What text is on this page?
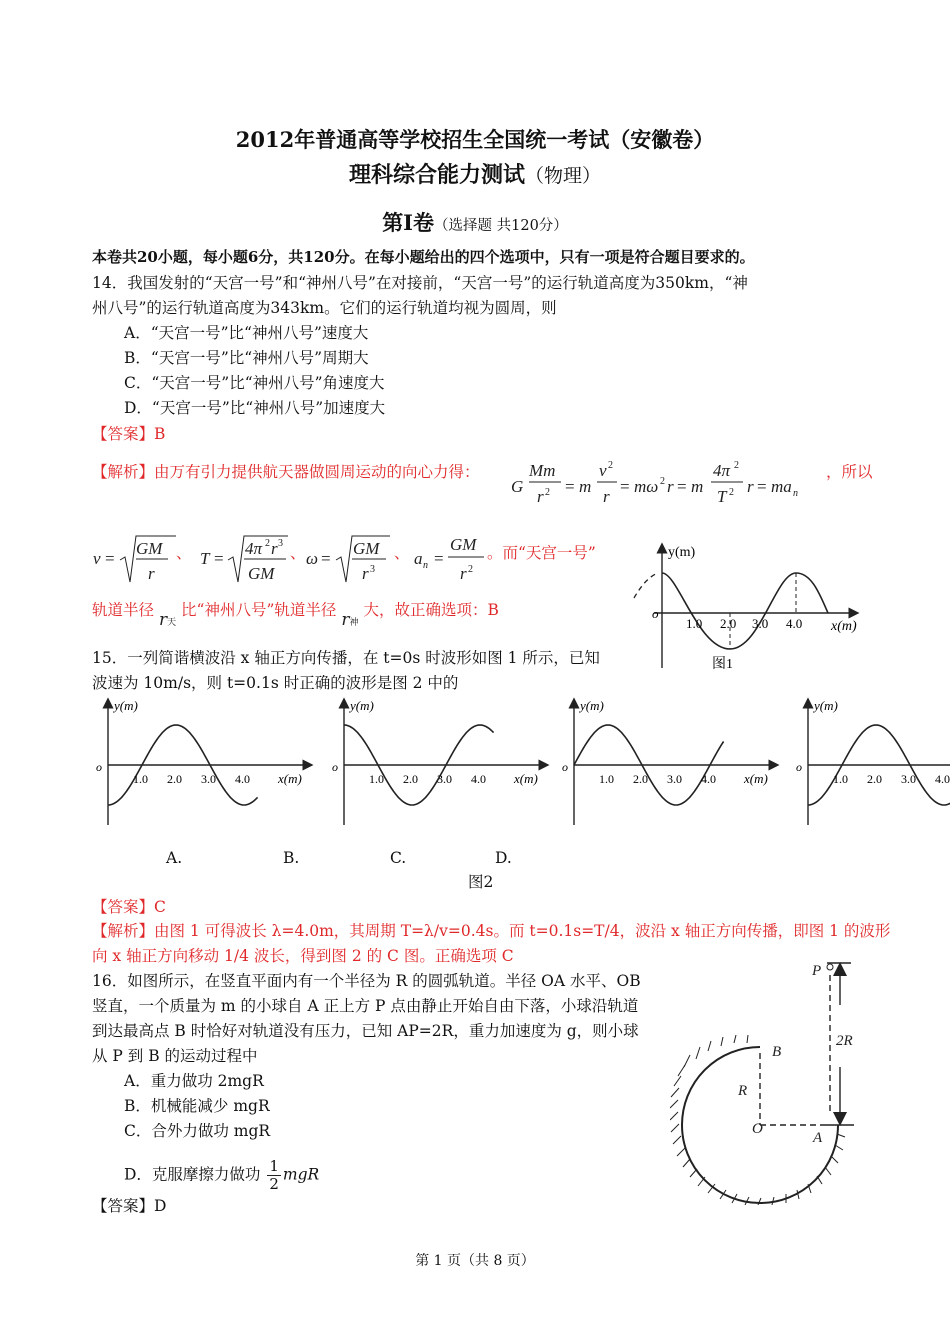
2012年普通高等学校招生全国统一考试（安徽卷）
理科综合能力测试（物理）
第Ⅰ卷（选择题 共120分）
本卷共20小题，每小题6分，共120分。在每小题给出的四个选项中，只有一项是符合题目要求的。
14．我国发射的“天宫一号”和“神州八号”在对接前，“天宫一号”的运行轨道高度为350km，“神
州八号”的运行轨道高度为343km。它们的运行轨道均视为圆周，则
A．“天宫一号”比“神州八号”速度大
B．“天宫一号”比“神州八号”周期大
C．“天宫一号”比“神州八号”角速度大
D．“天宫一号”比“神州八号”加速度大
【答案】B
【解析】由万有引力提供航天器做圆周运动的向心力得：
G
Mm
r 2 = m
v 2
r
= mω 2 r = m
4π 2
T 2 r = ma n
，所以
v =
GM
r
T =
4π 2 r 3
GM
ω =
GM
r 3
a n =
GM
r 2
、	、	、	。而“天宫一号”
轨道半径 r天 比“神州八号”轨道半径 r神 大，故正确选项：B
y(m)
x(m)
o
1.0 2.0 3.0 4.0
图1
15．一列简谐横波沿 x 轴正方向传播，在 t=0s 时波形如图 1 所示，已知
波速为 10m/s，则 t=0.1s 时正确的波形是图 2 中的
y(m)
x(m)
o
1.0 2.0 3.0 4.0
y(m)
x(m)
o
1.0 2.0 3.0 4.0
y(m)
x(m)
o
1.0 2.0 3.0 4.0
y(m)
o
1.0 2.0 3.0 4.0
A.	B.	C.	D.
图2
【答案】C
【解析】由图 1 可得波长 λ=4.0m，其周期 T=λ/v=0.4s。而 t=0.1s=T/4，波沿 x 轴正方向传播，即图 1 的波形
向 x 轴正方向移动 1/4 波长，得到图 2 的 C 图。正确选项 C
16．如图所示，在竖直平面内有一个半径为 R 的圆弧轨道。半径 OA 水平、OB
竖直，一个质量为 m 的小球自 A 正上方 P 点由静止开始自由下落，小球沿轨道
到达最高点 B 时恰好对轨道没有压力，已知 AP=2R，重力加速度为 g，则小球
从 P 到 B 的运动过程中
A．重力做功 2mgR
B．机械能减少 mgR
C．合外力做功 mgR
D．克服摩擦力做功 $\frac{1}{2}$ mgR
【答案】D
P
B
R
2R
O
A
第 1 页（共 8 页）
